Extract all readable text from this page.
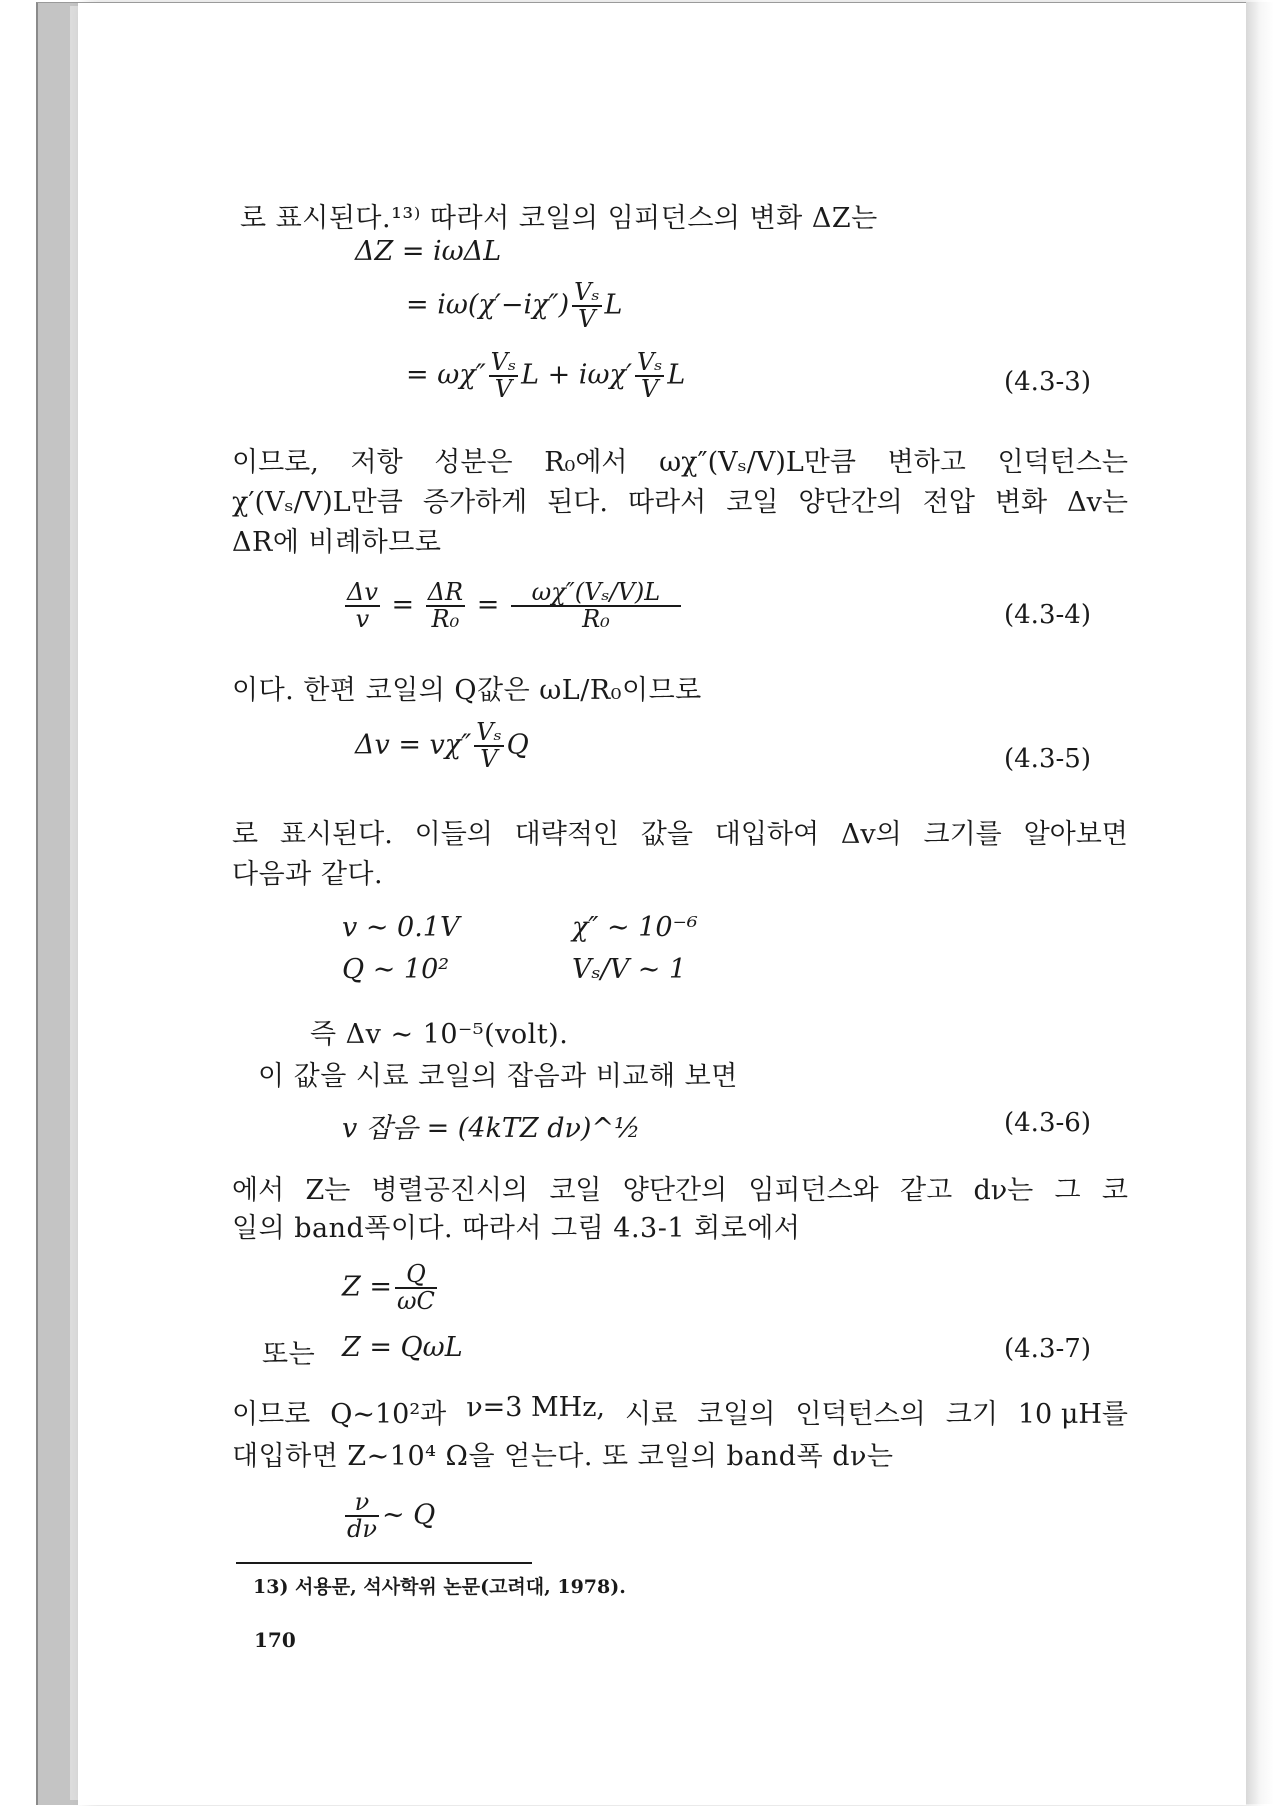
로 표시된다.¹³⁾ 따라서 코일의 임피던스의 변화 ΔZ는
ΔZ = iωΔL
= $i\omega(\chi'-i\chi'') \frac{\text{Vₛ}}{V}$ L
= $\omega\chi'' \frac{\text{Vₛ}}{V}$ $L + i\omega\chi' \frac{\text{Vₛ}}{V}$ L	(4.3-3)
이므로, 저항 성분은 R₀에서 ωχ″(Vₛ/V)L만큼 변하고 인덕턴스는
χ′(Vₛ/V)L만큼 증가하게 된다. 따라서 코일 양단간의 전압 변화 Δv는
ΔR에 비례하므로
$\frac{\Delta v}{v} = \frac{\Delta R}{\text{R₀}} = \frac{\text{ωχ″(Vₛ/V)L}}{\text{R₀}}$	(4.3-4)
이다. 한편 코일의 Q값은 ωL/R₀이므로
$\Delta v = v\chi'' \frac{\text{Vₛ}}{V}$ Q	(4.3-5)
로 표시된다. 이들의 대략적인 값을 대입하여 Δv의 크기를 알아보면
다음과 같다.
v ∼ 0.1V	χ″ ∼ 10⁻⁶
Q ∼ 10²	Vₛ/V ∼ 1
즉 Δv ∼ 10⁻⁵(volt).
이 값을 시료 코일의 잡음과 비교해 보면
v 잡음 = (4kTZ dν)^½	(4.3-6)
에서 Z는 병렬공진시의 코일 양단간의 임피던스와 같고 dν는 그 코
일의 band폭이다. 따라서 그림 4.3-1 회로에서
$Z = \frac{Q}{\omega C}$
또는 Z = QωL	(4.3-7)
이므로 Q∼10²과 ν=3 MHz, 시료 코일의 인덕턴스의 크기 10 μH를
대입하면 Z∼10⁴ Ω을 얻는다. 또 코일의 band폭 dν는
$\frac{\nu}{d\nu}$ ∼ Q
13) 서용문, 석사학위 논문(고려대, 1978).
170
